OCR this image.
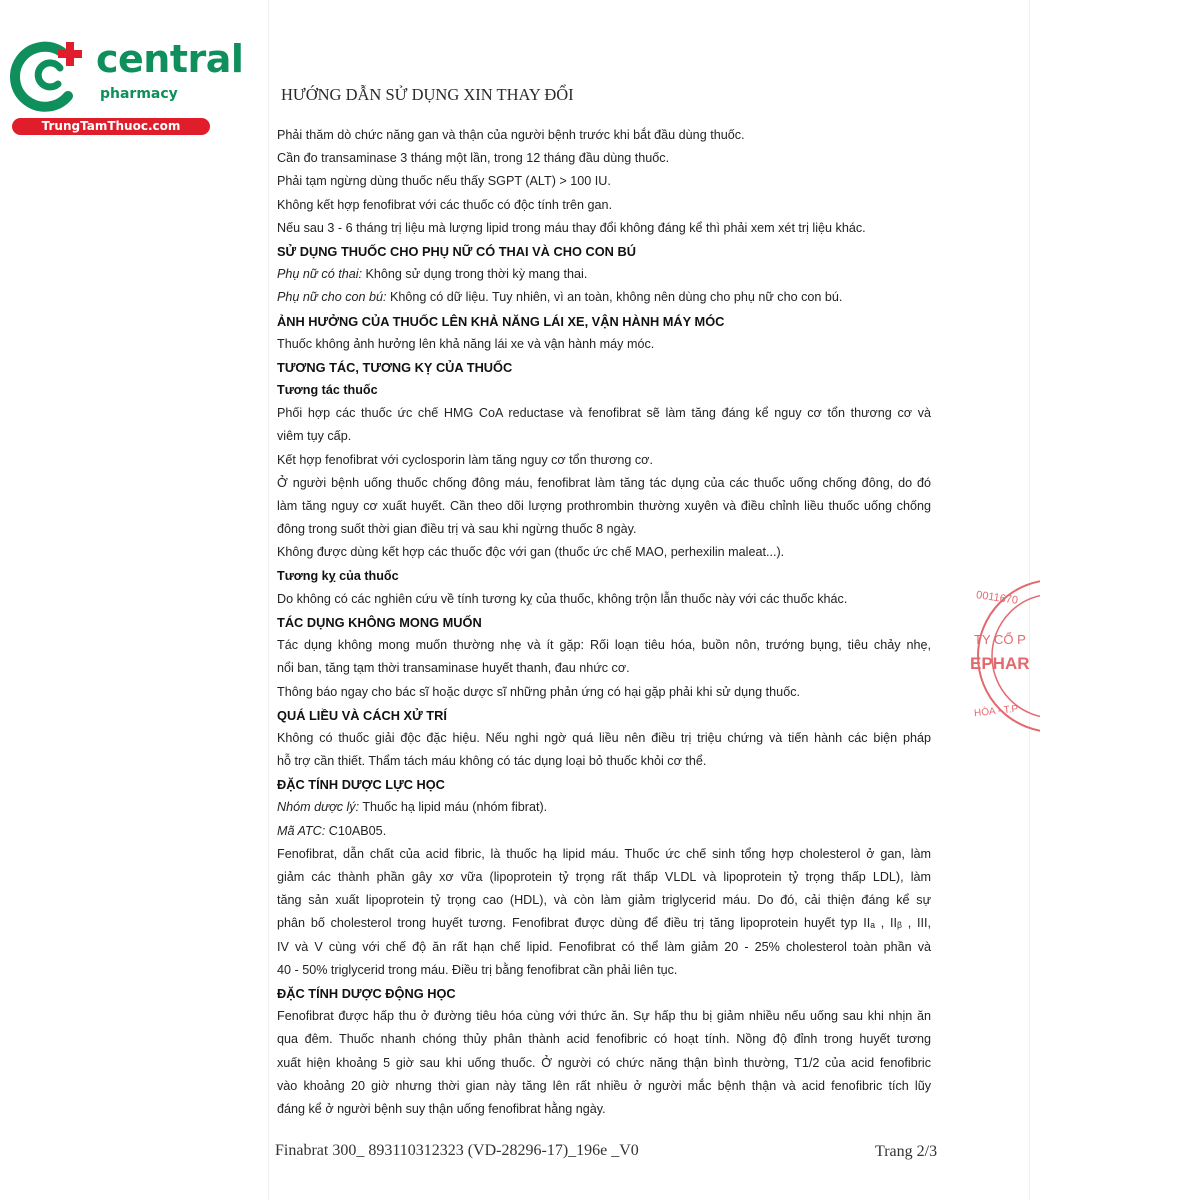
central
pharmacy
TrungTamThuoc.com
HƯỚNG DẪN SỬ DỤNG XIN THAY ĐỔI
Phải thăm dò chức năng gan và thận của người bệnh trước khi bắt đầu dùng thuốc.
Cần đo transaminase 3 tháng một lần, trong 12 tháng đầu dùng thuốc.
Phải tạm ngừng dùng thuốc nếu thấy SGPT (ALT) > 100 IU.
Không kết hợp fenofibrat với các thuốc có độc tính trên gan.
Nếu sau 3 - 6 tháng trị liệu mà lượng lipid trong máu thay đổi không đáng kể thì phải xem xét trị liệu khác.
SỬ DỤNG THUỐC CHO PHỤ NỮ CÓ THAI VÀ CHO CON BÚ
Phụ nữ có thai: Không sử dụng trong thời kỳ mang thai.
Phụ nữ cho con bú: Không có dữ liệu. Tuy nhiên, vì an toàn, không nên dùng cho phụ nữ cho con bú.
ẢNH HƯỞNG CỦA THUỐC LÊN KHẢ NĂNG LÁI XE, VẬN HÀNH MÁY MÓC
Thuốc không ảnh hưởng lên khả năng lái xe và vận hành máy móc.
TƯƠNG TÁC, TƯƠNG KỴ CỦA THUỐC
Tương tác thuốc
Phối hợp các thuốc ức chế HMG CoA reductase và fenofibrat sẽ làm tăng đáng kể nguy cơ tổn thương cơ và
viêm tụy cấp.
Kết hợp fenofibrat với cyclosporin làm tăng nguy cơ tổn thương cơ.
Ở người bệnh uống thuốc chống đông máu, fenofibrat làm tăng tác dụng của các thuốc uống chống đông, do đó
làm tăng nguy cơ xuất huyết. Cần theo dõi lượng prothrombin thường xuyên và điều chỉnh liều thuốc uống chống
đông trong suốt thời gian điều trị và sau khi ngừng thuốc 8 ngày.
Không được dùng kết hợp các thuốc độc với gan (thuốc ức chế MAO, perhexilin maleat...).
Tương kỵ của thuốc
Do không có các nghiên cứu về tính tương kỵ của thuốc, không trộn lẫn thuốc này với các thuốc khác.
TÁC DỤNG KHÔNG MONG MUỐN
Tác dụng không mong muốn thường nhẹ và ít gặp: Rối loạn tiêu hóa, buồn nôn, trướng bụng, tiêu chảy nhẹ,
nổi ban, tăng tạm thời transaminase huyết thanh, đau nhức cơ.
Thông báo ngay cho bác sĩ hoặc dược sĩ những phản ứng có hại gặp phải khi sử dụng thuốc.
QUÁ LIỀU VÀ CÁCH XỬ TRÍ
Không có thuốc giải độc đặc hiệu. Nếu nghi ngờ quá liều nên điều trị triệu chứng và tiến hành các biện pháp
hỗ trợ cần thiết. Thẩm tách máu không có tác dụng loại bỏ thuốc khỏi cơ thể.
ĐẶC TÍNH DƯỢC LỰC HỌC
Nhóm dược lý: Thuốc hạ lipid máu (nhóm fibrat).
Mã ATC: C10AB05.
Fenofibrat, dẫn chất của acid fibric, là thuốc hạ lipid máu. Thuốc ức chế sinh tổng hợp cholesterol ở gan, làm
giảm các thành phần gây xơ vữa (lipoprotein tỷ trọng rất thấp VLDL và lipoprotein tỷ trọng thấp LDL), làm
tăng sản xuất lipoprotein tỷ trọng cao (HDL), và còn làm giảm triglycerid máu. Do đó, cải thiện đáng kể sự
phân bố cholesterol trong huyết tương. Fenofibrat được dùng để điều trị tăng lipoprotein huyết typ IIₐ , IIᵦ , III,
IV và V cùng với chế độ ăn rất hạn chế lipid. Fenofibrat có thể làm giảm 20 - 25% cholesterol toàn phần và
40 - 50% triglycerid trong máu. Điều trị bằng fenofibrat cần phải liên tục.
ĐẶC TÍNH DƯỢC ĐỘNG HỌC
Fenofibrat được hấp thu ở đường tiêu hóa cùng với thức ăn. Sự hấp thu bị giảm nhiều nếu uống sau khi nhịn ăn
qua đêm. Thuốc nhanh chóng thủy phân thành acid fenofibric có hoạt tính. Nồng độ đỉnh trong huyết tương
xuất hiện khoảng 5 giờ sau khi uống thuốc. Ở người có chức năng thận bình thường, T1/2 của acid fenofibric
vào khoảng 20 giờ nhưng thời gian này tăng lên rất nhiều ở người mắc bệnh thận và acid fenofibric tích lũy
đáng kể ở người bệnh suy thận uống fenofibrat hằng ngày.
Finabrat 300_ 893110312323 (VD-28296-17)_196e _V0	Trang 2/3
0011670
TY CỔ P
EPHAR
HÒA - T.P
